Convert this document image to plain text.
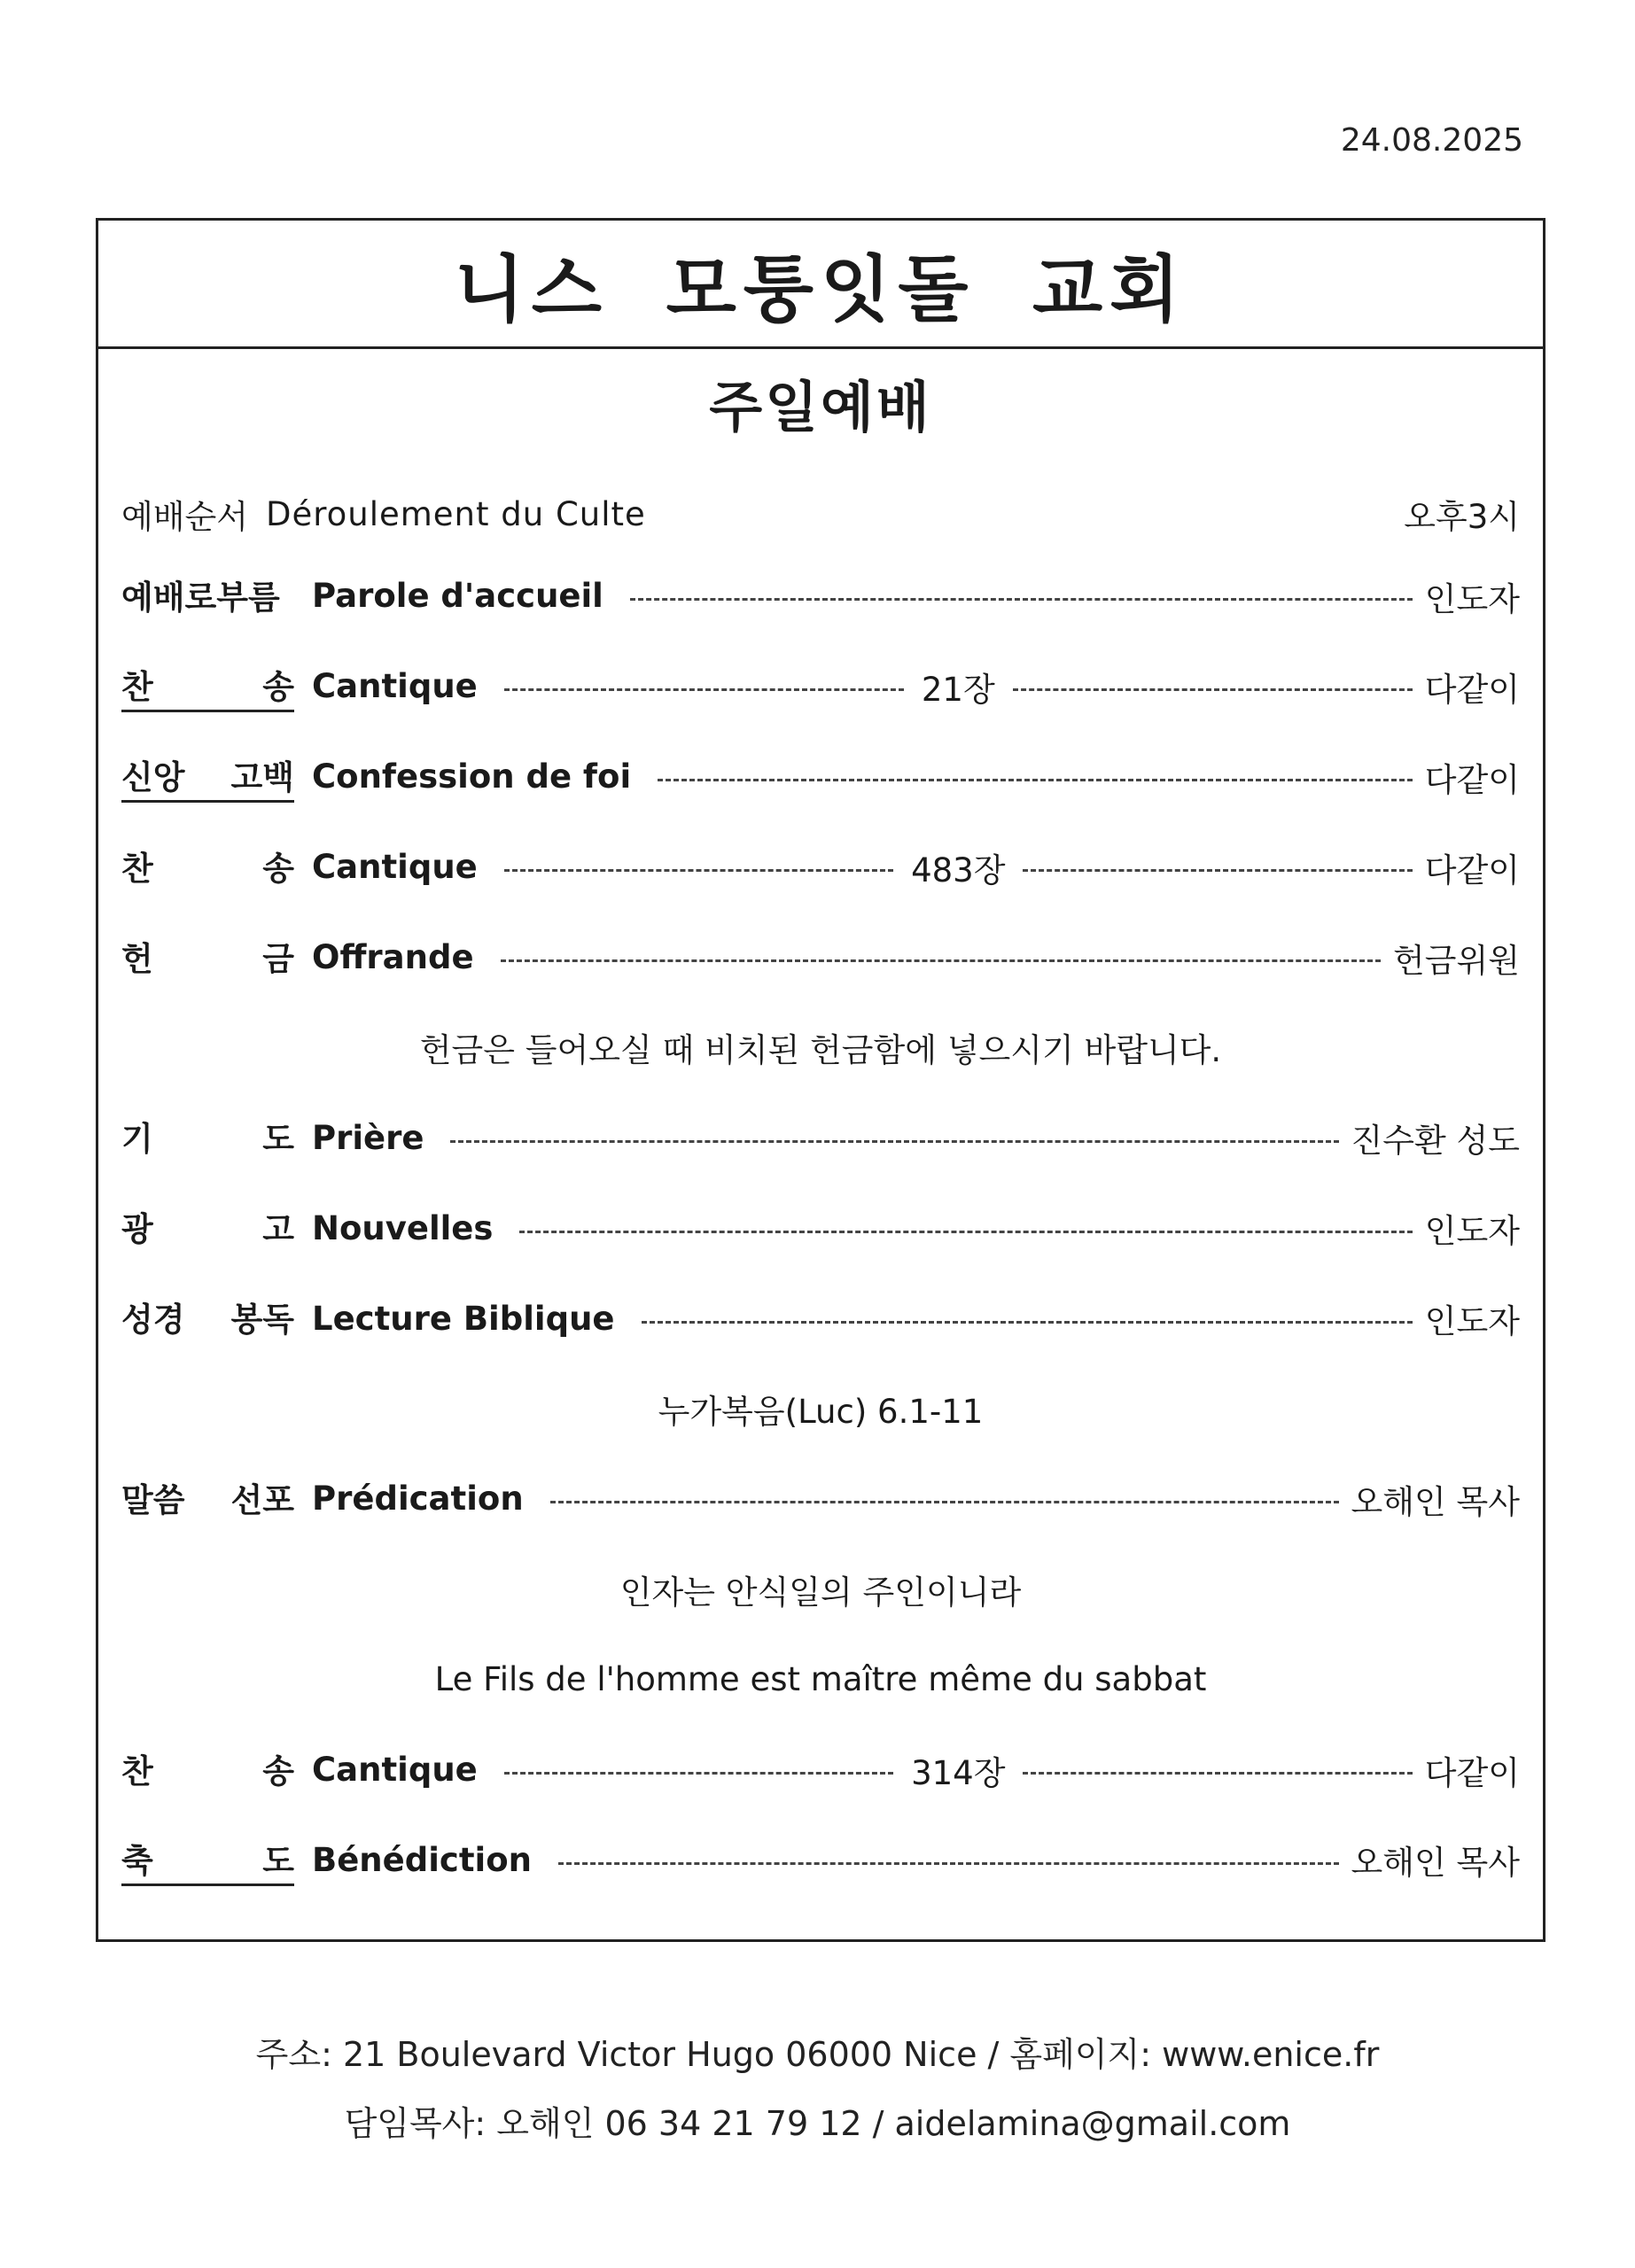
24.08.2025
니스 모퉁잇돌 교회
주일예배
예배순서 Déroulement du Culte	오후3시
예배로부름 Parole d'accueil	인도자
찬	송 Cantique	21장	다같이
신앙 고백 Confession de foi	다같이
찬	송 Cantique	483장	다같이
헌	금 Offrande	헌금위원
헌금은 들어오실 때 비치된 헌금함에 넣으시기 바랍니다.
기	도 Prière	진수환 성도
광	고 Nouvelles	인도자
성경 봉독 Lecture Biblique	인도자
누가복음(Luc) 6.1-11
말씀 선포 Prédication	오해인 목사
인자는 안식일의 주인이니라
Le Fils de l'homme est maître même du sabbat
찬	송 Cantique	314장	다같이
축	도 Bénédiction	오해인 목사
주소: 21 Boulevard Victor Hugo 06000 Nice / 홈페이지: www.enice.fr
담임목사: 오해인 06 34 21 79 12 / aidelamina@gmail.com
